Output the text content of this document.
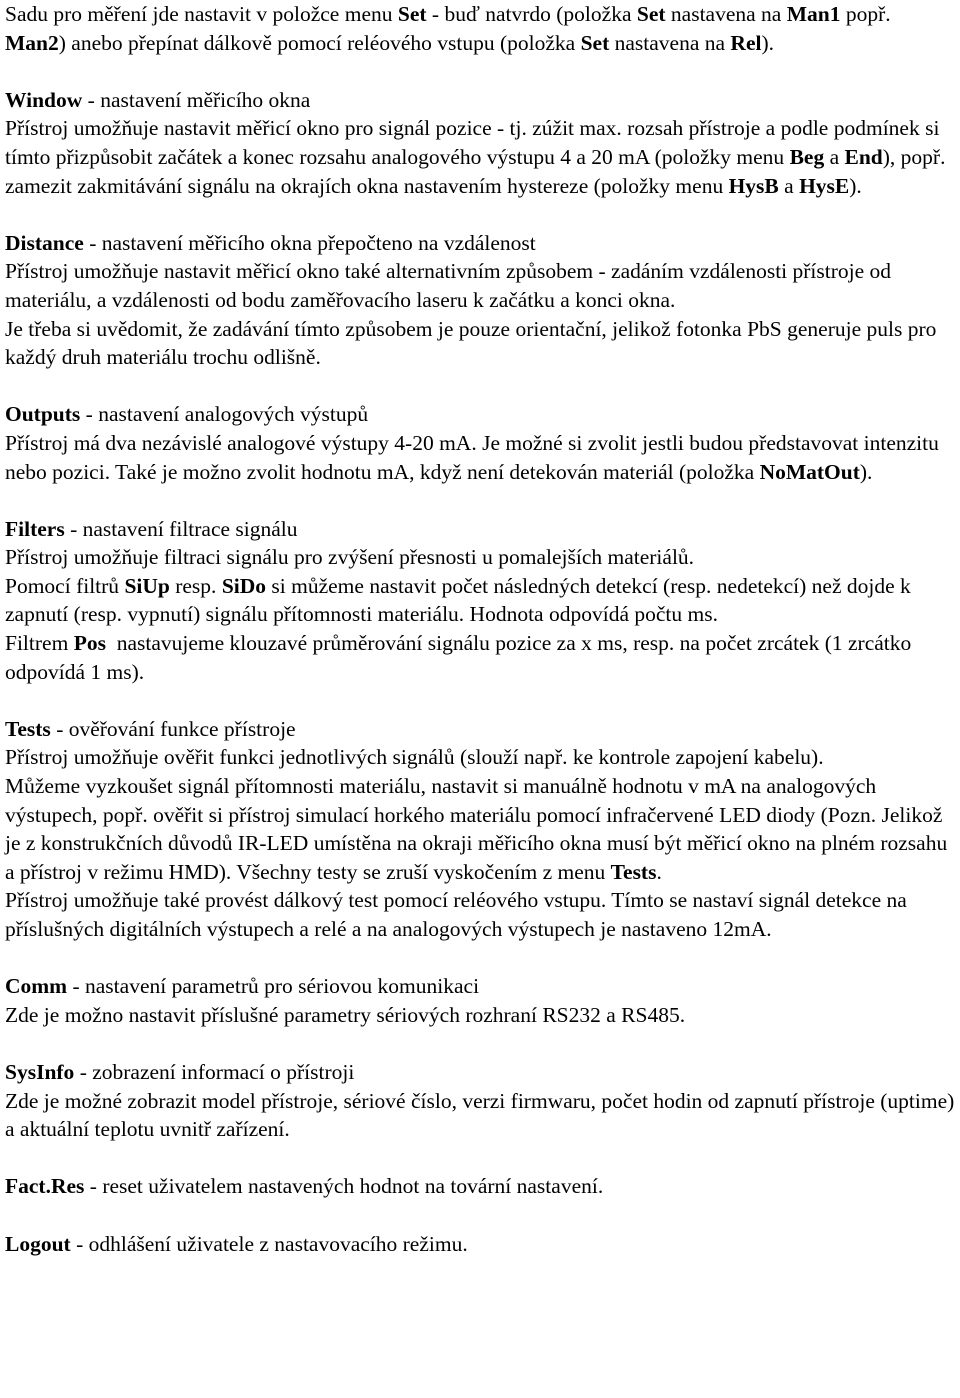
Sadu pro měření jde nastavit v položce menu Set - buď natvrdo (položka Set nastavena na Man1 popř. Man2) anebo přepínat dálkově pomocí reléového vstupu (položka Set nastavena na Rel).

Window - nastavení měřicího okna

Přístroj umožňuje nastavit měřicí okno pro signál pozice - tj. zúžit max. rozsah přístroje a podle podmínek si tímto přizpůsobit začátek a konec rozsahu analogového výstupu 4 a 20 mA (položky menu Beg a End), popř. zamezit zakmitávání signálu na okrajích okna nastavením hystereze (položky menu HysB a HysE).

Distance - nastavení měřicího okna přepočteno na vzdálenost

Přístroj umožňuje nastavit měřicí okno také alternativním způsobem - zadáním vzdálenosti přístroje od materiálu, a vzdálenosti od bodu zaměřovacího laseru k začátku a konci okna.

Je třeba si uvědomit, že zadávání tímto způsobem je pouze orientační, jelikož fotonka PbS generuje puls pro každý druh materiálu trochu odlišně.

Outputs - nastavení analogových výstupů

Přístroj má dva nezávislé analogové výstupy 4-20 mA. Je možné si zvolit jestli budou představovat intenzitu nebo pozici. Také je možno zvolit hodnotu mA, když není detekován materiál (položka NoMatOut).

Filters - nastavení filtrace signálu

Přístroj umožňuje filtraci signálu pro zvýšení přesnosti u pomalejších materiálů.

Pomocí filtrů SiUp resp. SiDo si můžeme nastavit počet následných detekcí (resp. nedetekcí) než dojde k zapnutí (resp. vypnutí) signálu přítomnosti materiálu. Hodnota odpovídá počtu ms.

Filtrem Pos  nastavujeme klouzavé průměrování signálu pozice za x ms, resp. na počet zrcátek (1 zrcátko odpovídá 1 ms).

Tests - ověřování funkce přístroje

Přístroj umožňuje ověřit funkci jednotlivých signálů (slouží např. ke kontrole zapojení kabelu).

Můžeme vyzkoušet signál přítomnosti materiálu, nastavit si manuálně hodnotu v mA na analogových výstupech, popř. ověřit si přístroj simulací horkého materiálu pomocí infračervené LED diody (Pozn. Jelikož je z konstrukčních důvodů IR-LED umístěna na okraji měřicího okna musí být měřicí okno na plném rozsahu a přístroj v režimu HMD). Všechny testy se zruší vyskočením z menu Tests.

Přístroj umožňuje také provést dálkový test pomocí reléového vstupu. Tímto se nastaví signál detekce na příslušných digitálních výstupech a relé a na analogových výstupech je nastaveno 12mA.

Comm - nastavení parametrů pro sériovou komunikaci

Zde je možno nastavit příslušné parametry sériových rozhraní RS232 a RS485.

SysInfo - zobrazení informací o přístroji

Zde je možné zobrazit model přístroje, sériové číslo, verzi firmwaru, počet hodin od zapnutí přístroje (uptime) a aktuální teplotu uvnitř zařízení.

Fact.Res - reset uživatelem nastavených hodnot na tovární nastavení.

Logout - odhlášení uživatele z nastavovacího režimu.
